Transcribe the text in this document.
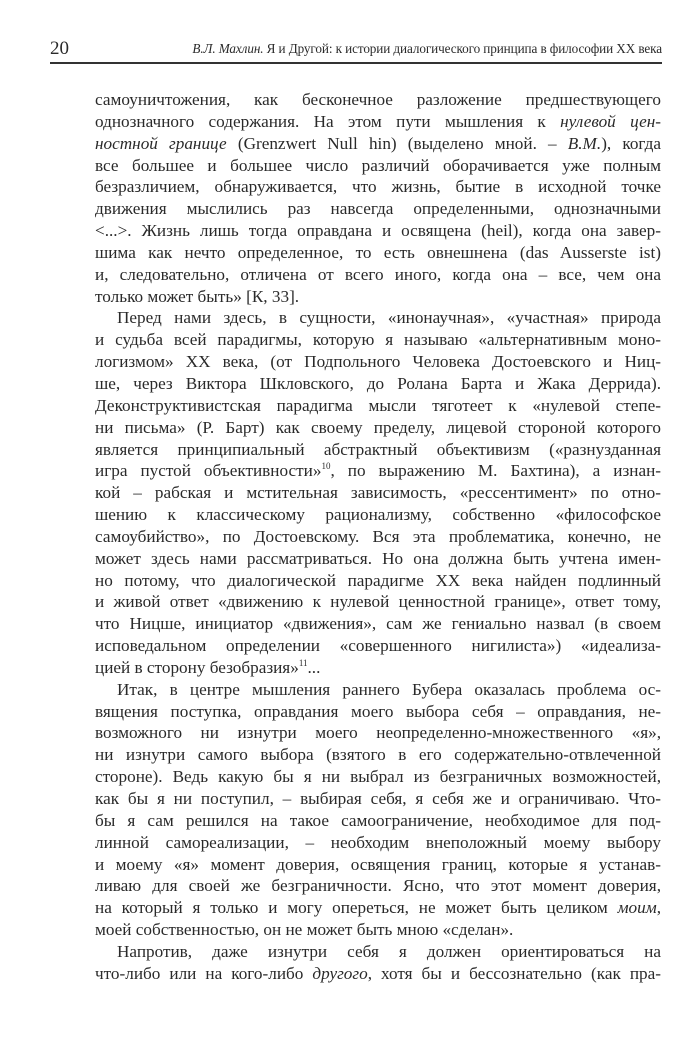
20	В.Л. Махлин. Я и Другой: к истории диалогического принципа в философии XX века
самоуничтожения, как бесконечное разложение предшествующего
однозначного содержания. На этом пути мышления к нулевой цен-
ностной границе (Grenzwert Null hin) (выделено мной. – В.М.), когда
все большее и большее число различий оборачивается уже полным
безразличием, обнаруживается, что жизнь, бытие в исходной точке
движения мыслились раз навсегда определенными, однозначными
<...>. Жизнь лишь тогда оправдана и освящена (heil), когда она завер-
шима как нечто определенное, то есть овнешнена (das Ausserste ist)
и, следовательно, отличена от всего иного, когда она – все, чем она
только может быть» [К, 33].
Перед нами здесь, в сущности, «инонаучная», «участная» природа
и судьба всей парадигмы, которую я называю «альтернативным моно-
логизмом» XX века, (от Подпольного Человека Достоевского и Ниц-
ше, через Виктора Шкловского, до Ролана Барта и Жака Деррида).
Деконструктивистская парадигма мысли тяготеет к «нулевой степе-
ни письма» (Р. Барт) как своему пределу, лицевой стороной которого
является принципиальный абстрактный объективизм («разнузданная
игра пустой объективности»$^{10}$, по выражению М. Бахтина), а изнан-
кой – рабская и мстительная зависимость, «рессентимент» по отно-
шению к классическому рационализму, собственно «философское
самоубийство», по Достоевскому. Вся эта проблематика, конечно, не
может здесь нами рассматриваться. Но она должна быть учтена имен-
но потому, что диалогической парадигме XX века найден подлинный
и живой ответ «движению к нулевой ценностной границе», ответ тому,
что Ницше, инициатор «движения», сам же гениально назвал (в своем
исповедальном определении «совершенного нигилиста») «идеализа-
цией в сторону безобразия»$^{11}$...
Итак, в центре мышления раннего Бубера оказалась проблема ос-
вящения поступка, оправдания моего выбора себя – оправдания, не-
возможного ни изнутри моего неопределенно-множественного «я»,
ни изнутри самого выбора (взятого в его содержательно-отвлеченной
стороне). Ведь какую бы я ни выбрал из безграничных возможностей,
как бы я ни поступил, – выбирая себя, я себя же и ограничиваю. Что-
бы я сам решился на такое самоограничение, необходимое для под-
линной самореализации, – необходим внеположный моему выбору
и моему «я» момент доверия, освящения границ, которые я устанав-
ливаю для своей же безграничности. Ясно, что этот момент доверия,
на который я только и могу опереться, не может быть целиком моим,
моей собственностью, он не может быть мною «сделан».
Напротив, даже изнутри себя я должен ориентироваться на
что-либо или на кого-либо другого, хотя бы и бессознательно (как пра-
